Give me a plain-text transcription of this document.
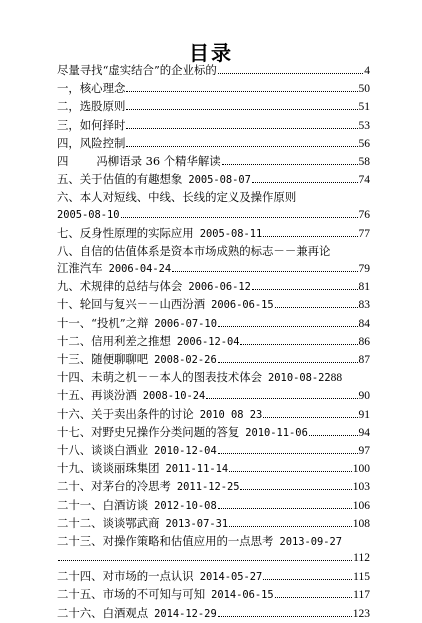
目录
尽量寻找“虚实结合”的企业标的	4
一，核心理念	50
二，选股原则	51
三，如何择时	53
四，风险控制	56
四 冯柳语录 36 个精华解读	58
五、关于估值的有趣想象 2005-08-07	74
六、本人对短线、中线、长线的定义及操作原则
2005-08-10	76
七、反身性原理的实际应用 2005-08-11	77
八、自信的估值体系是资本市场成熟的标志－－兼再论
江淮汽车 2006-04-24	79
九、术规律的总结与体会 2006-06-12	81
十、轮回与复兴－－山西汾酒 2006-06-15	83
十一、“投机”之辩 2006-07-10	84
十二、信用利差之推想 2006-12-04	86
十三、随便聊聊吧 2008-02-26	87
十四、未萌之机－－本人的图表技术体会 2010-08-22 88
十五、再谈汾酒 2008-10-24	90
十六、关于卖出条件的讨论 2010 08 23	91
十七、对野史兄操作分类问题的答复 2010-11-06	94
十八、谈谈白酒业 2010-12-04	97
十九、谈谈丽珠集团 2011-11-14	100
二十、对茅台的冷思考 2011-12-25	103
二十一、白酒访谈 2012-10-08	106
二十二、谈谈鄂武商 2013-07-31	108
二十三、对操作策略和估值应用的一点思考 2013-09-27
112
二十四、对市场的一点认识 2014-05-27	115
二十五、市场的不可知与可知 2014-06-15	117
二十六、白酒观点 2014-12-29	123
